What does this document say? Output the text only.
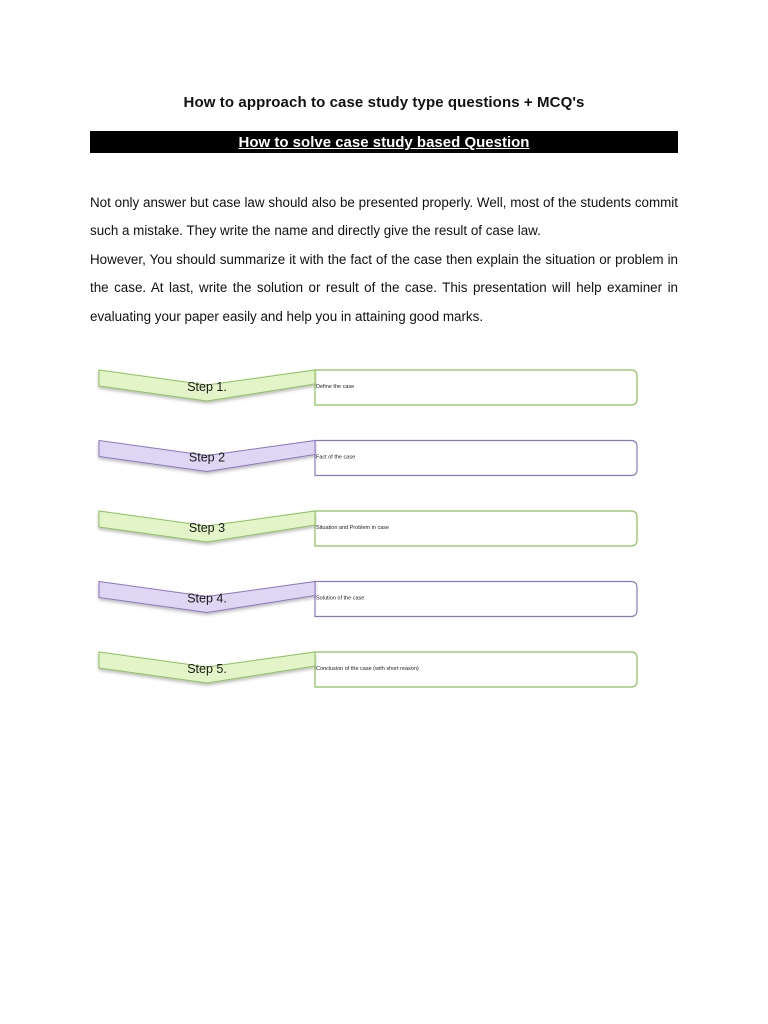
How to approach to case study type questions + MCQ's
How to solve case study based Question

Not only answer but case law should also be presented properly. Well, most of the students commit such a mistake. They write the name and directly give the result of case law.

However, You should summarize it with the fact of the case then explain the situation or problem in the case. At last, write the solution or result of the case. This presentation will help examiner in evaluating your paper easily and help you in attaining good marks.

Step 1.	Define the case
Step 2	Fact of the case
Step 3	Situation and Problem in case
Step 4.	Solution of the case
Step 5.	Conclusion of the case (with short reason)
